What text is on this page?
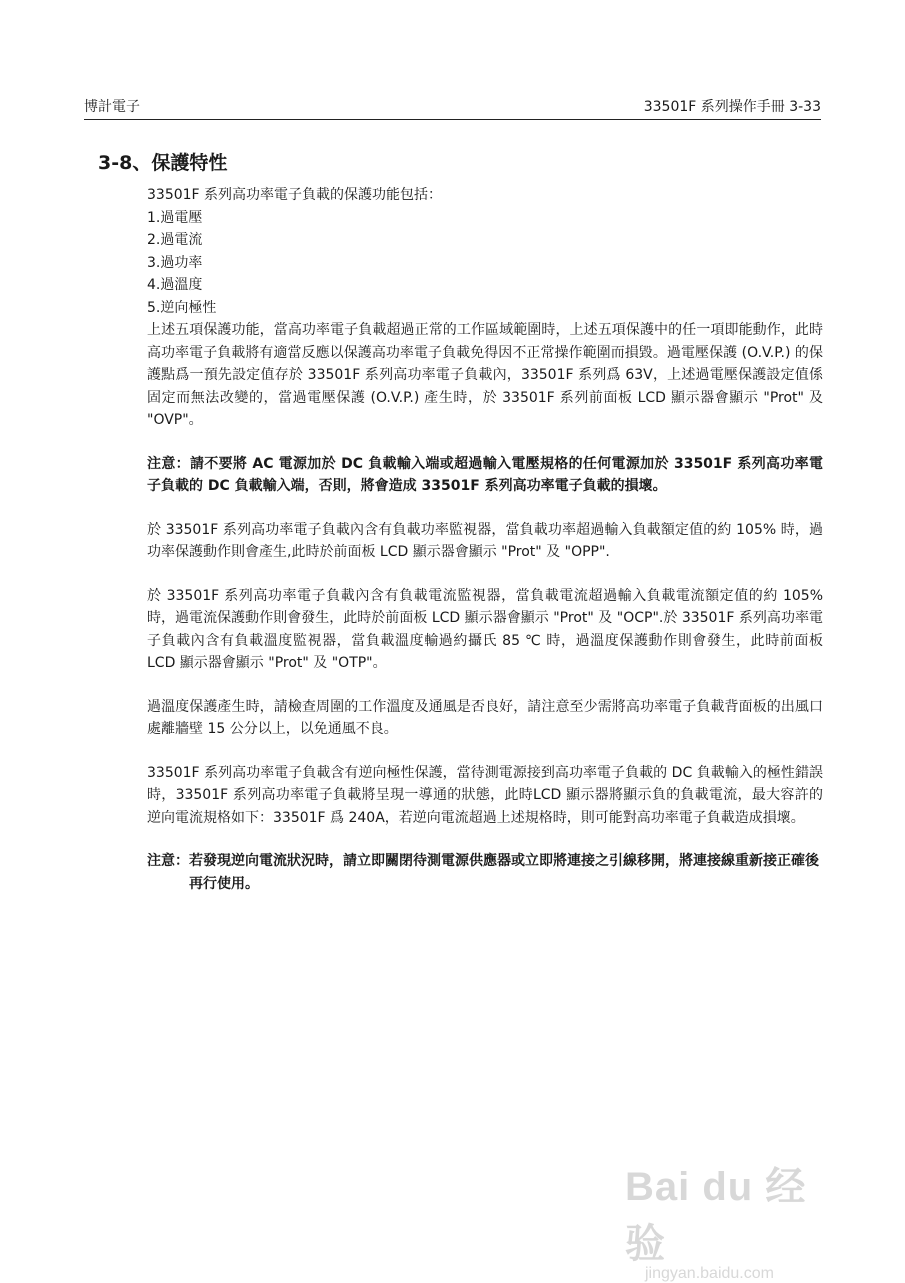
博計電子	33501F 系列操作手冊 3-33
3-8、保護特性

33501F 系列高功率電子負載的保護功能包括：

1.過電壓
2.過電流
3.過功率
4.過溫度
5.逆向極性

上述五項保護功能，當高功率電子負載超過正常的工作區域範圍時，上述五項保護中的任一項即能動作，此時高功率電子負載將有適當反應以保護高功率電子負載免得因不正常操作範圍而損毀。過電壓保護 (O.V.P.) 的保護點爲一預先設定值存於 33501F 系列高功率電子負載內，33501F 系列爲 63V，上述過電壓保護設定值係固定而無法改變的，當過電壓保護 (O.V.P.) 產生時，於 33501F 系列前面板 LCD 顯示器會顯示 "Prot" 及 "OVP"。

注意：請不要將 AC 電源加於 DC 負載輸入端或超過輸入電壓規格的任何電源加於 33501F 系列高功率電子負載的 DC 負載輸入端，否則，將會造成 33501F 系列高功率電子負載的損壞。

於 33501F 系列高功率電子負載內含有負載功率監視器，當負載功率超過輸入負載額定值的約 105% 時，過功率保護動作則會產生,此時於前面板 LCD 顯示器會顯示 "Prot" 及 "OPP".

於 33501F 系列高功率電子負載內含有負載電流監視器，當負載電流超過輸入負載電流額定值的約 105% 時，過電流保護動作則會發生，此時於前面板 LCD 顯示器會顯示 "Prot" 及 "OCP".於 33501F 系列高功率電子負載內含有負載溫度監視器，當負載溫度輸過約攝氏 85 ℃ 時，過溫度保護動作則會發生，此時前面板 LCD 顯示器會顯示 "Prot" 及 "OTP"。

過溫度保護產生時，請檢查周圍的工作溫度及通風是否良好，請注意至少需將高功率電子負載背面板的出風口處離牆壁 15 公分以上，以免通風不良。

33501F 系列高功率電子負載含有逆向極性保護，當待測電源接到高功率電子負載的 DC 負載輸入的極性錯誤時，33501F 系列高功率電子負載將呈現一導通的狀態，此時LCD 顯示器將顯示負的負載電流，最大容許的逆向電流規格如下：33501F 爲 240A，若逆向電流超過上述規格時，則可能對高功率電子負載造成損壞。

注意： 若發現逆向電流狀況時，請立即關閉待測電源供應器或立即將連接之引線移開，將連接線重新接正確後再行使用。
Bai du 经验
jingyan.baidu.com
